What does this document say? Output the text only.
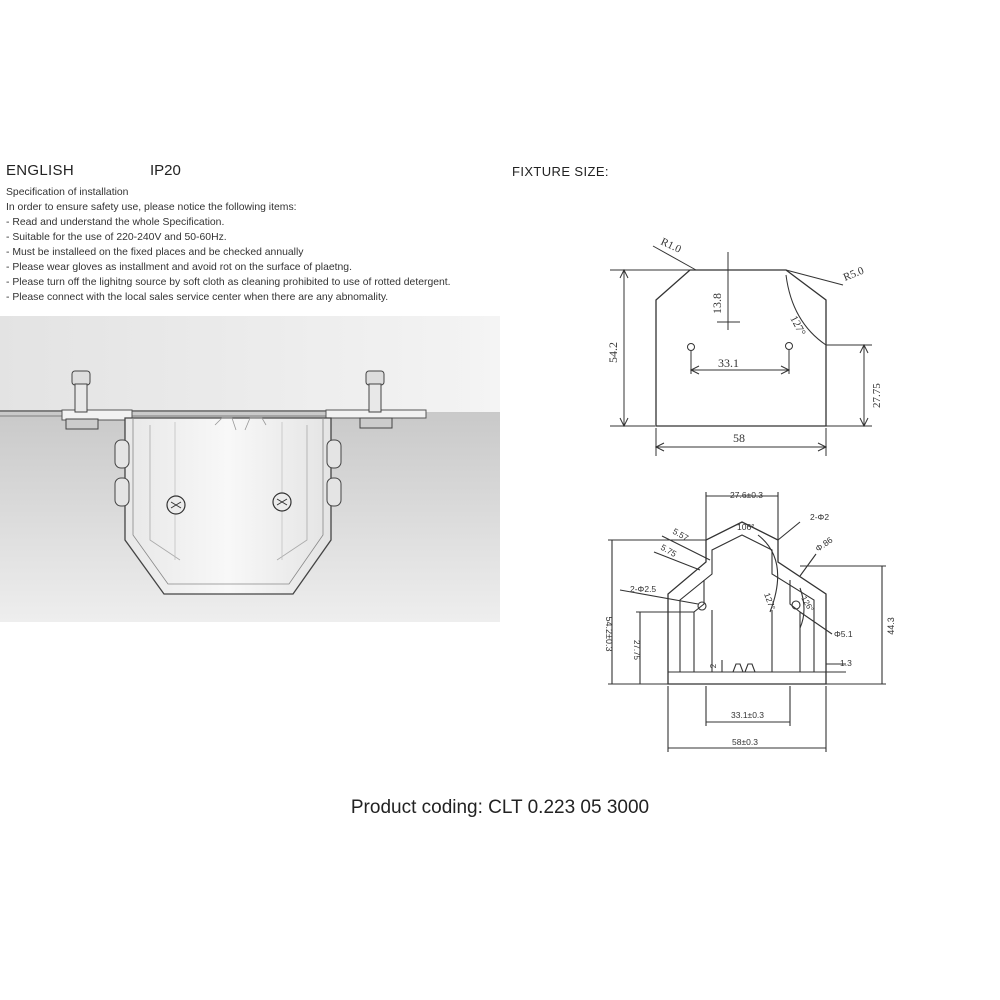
ENGLISH	IP20	FIXTURE SIZE:
Specification of installation
In order to ensure safety use, please notice the following items:
- Read and understand the whole Specification.
- Suitable for the use of 220-240V and 50-60Hz.
- Must be installeed on the fixed places and be checked annually
- Please wear gloves as installment and avoid rot on the surface of plaetng.
- Please turn off the lighitng source by soft cloth as cleaning prohibited to use of rotted detergent.
- Please connect with the local sales service center when there are any abnomality.
R1.0
R5.0
54.2
13.8
127°
33.1
27.75
58
27.6±0.3
5.57
5.75
106°
2-Φ2
Φ.86
2-Φ2.5
127°	126°
54.2±0.3	44.3
Φ5.1
27.75
2	1.3
33.1±0.3
58±0.3
Product coding: CLT 0.223 05 3000
